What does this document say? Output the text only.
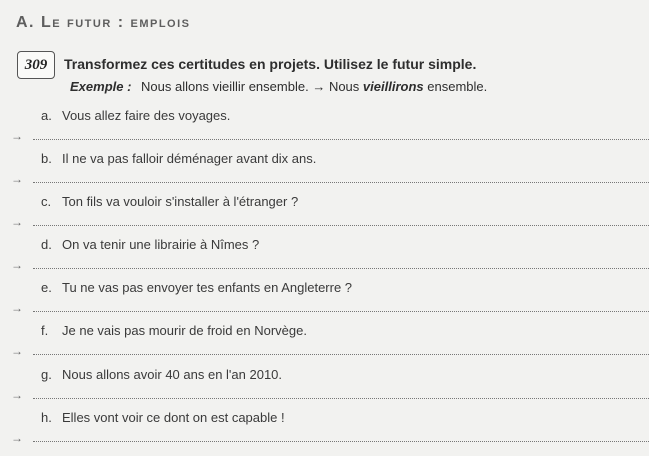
A. Le futur : emplois
309 Transformez ces certitudes en projets. Utilisez le futur simple.
Exemple : Nous allons vieillir ensemble. → Nous vieillirons ensemble.
a. Vous allez faire des voyages.
→
b. Il ne va pas falloir déménager avant dix ans.
→
c. Ton fils va vouloir s'installer à l'étranger ?
→
d. On va tenir une librairie à Nîmes ?
→
e. Tu ne vas pas envoyer tes enfants en Angleterre ?
→
f. Je ne vais pas mourir de froid en Norvège.
→
g. Nous allons avoir 40 ans en l'an 2010.
→
h. Elles vont voir ce dont on est capable !
→
